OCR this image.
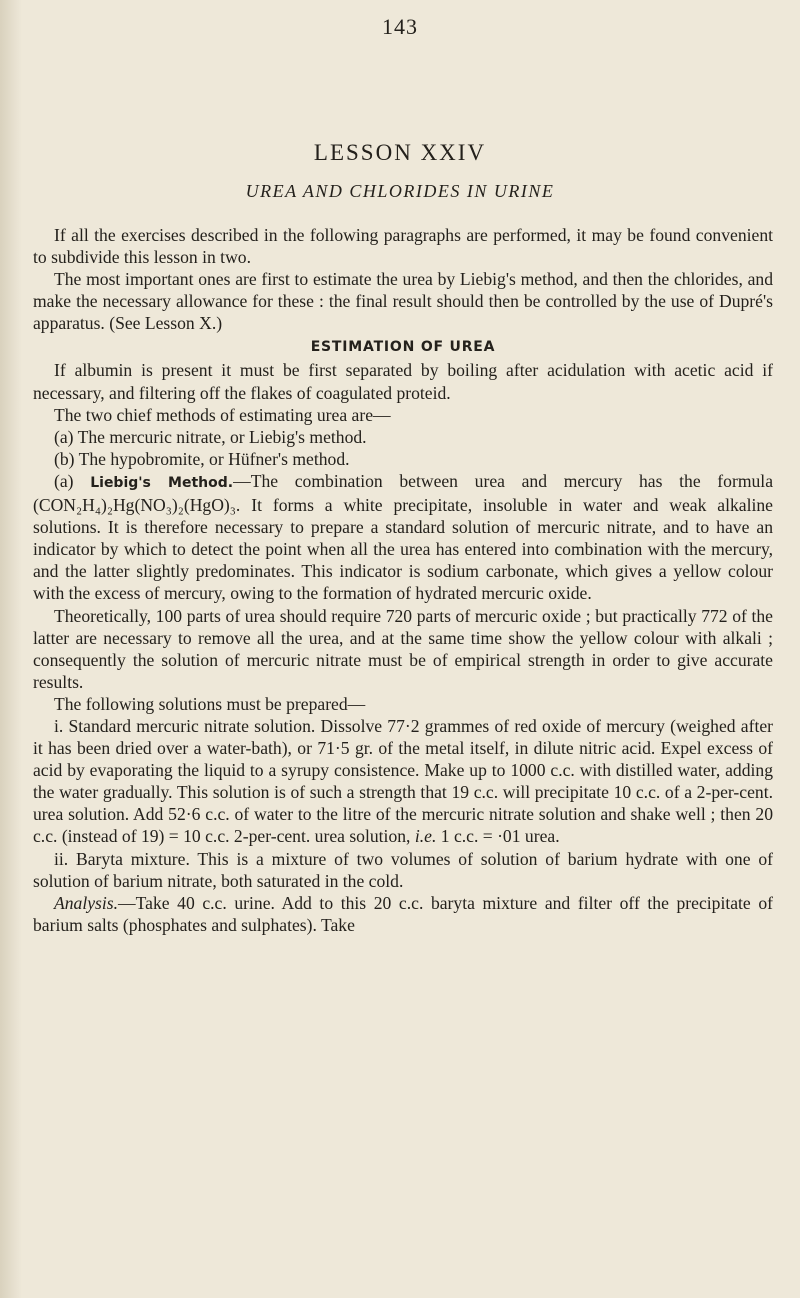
143
LESSON XXIV
UREA AND CHLORIDES IN URINE

If all the exercises described in the following paragraphs are performed, it may be found convenient to subdivide this lesson in two.

The most important ones are first to estimate the urea by Liebig's method, and then the chlorides, and make the necessary allowance for these : the final result should then be controlled by the use of Dupré's apparatus. (See Lesson X.)

ESTIMATION OF UREA

If albumin is present it must be first separated by boiling after acidulation with acetic acid if necessary, and filtering off the flakes of coagulated proteid.

The two chief methods of estimating urea are—

(a) The mercuric nitrate, or Liebig's method.

(b) The hypobromite, or Hüfner's method.

(a) Liebig's Method.—The combination between urea and mercury has the formula (CON₂H₄)₂Hg(NO₃)₂(HgO)₃. It forms a white precipitate, insoluble in water and weak alkaline solutions. It is therefore necessary to prepare a standard solution of mercuric nitrate, and to have an indicator by which to detect the point when all the urea has entered into combination with the mercury, and the latter slightly predominates. This indicator is sodium carbonate, which gives a yellow colour with the excess of mercury, owing to the formation of hydrated mercuric oxide.

Theoretically, 100 parts of urea should require 720 parts of mercuric oxide ; but practically 772 of the latter are necessary to remove all the urea, and at the same time show the yellow colour with alkali ; consequently the solution of mercuric nitrate must be of empirical strength in order to give accurate results.

The following solutions must be prepared—

i. Standard mercuric nitrate solution. Dissolve 77·2 grammes of red oxide of mercury (weighed after it has been dried over a water-bath), or 71·5 gr. of the metal itself, in dilute nitric acid. Expel excess of acid by evaporating the liquid to a syrupy consistence. Make up to 1000 c.c. with distilled water, adding the water gradually. This solution is of such a strength that 19 c.c. will precipitate 10 c.c. of a 2-per-cent. urea solution. Add 52·6 c.c. of water to the litre of the mercuric nitrate solution and shake well ; then 20 c.c. (instead of 19) = 10 c.c. 2-per-cent. urea solution, i.e. 1 c.c. = ·01 urea.

ii. Baryta mixture. This is a mixture of two volumes of solution of barium hydrate with one of solution of barium nitrate, both saturated in the cold.

Analysis.—Take 40 c.c. urine. Add to this 20 c.c. baryta mixture and filter off the precipitate of barium salts (phosphates and sulphates). Take
